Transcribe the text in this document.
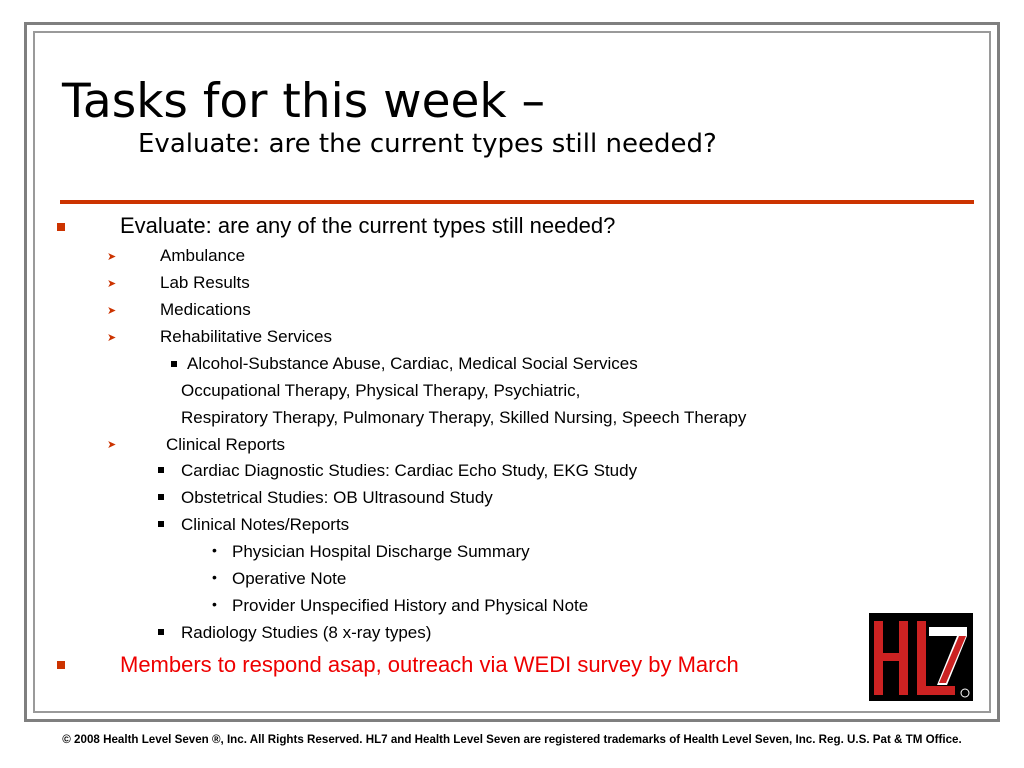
Tasks for this week –
Evaluate: are the current types still needed?
Evaluate: are any of the current types still needed?
➤	Ambulance
➤	Lab Results
➤	Medications
➤	Rehabilitative Services
Alcohol-Substance Abuse, Cardiac, Medical Social Services
Occupational Therapy, Physical Therapy, Psychiatric,
Respiratory Therapy, Pulmonary Therapy, Skilled Nursing, Speech Therapy
➤	Clinical Reports
Cardiac Diagnostic Studies: Cardiac Echo Study, EKG Study
Obstetrical Studies: OB Ultrasound Study
Clinical Notes/Reports
• Physician Hospital Discharge Summary
• Operative Note
• Provider Unspecified History and Physical Note
Radiology Studies (8 x-ray types)
Members to respond asap, outreach via WEDI survey by March
© 2008 Health Level Seven ®, Inc. All Rights Reserved. HL7 and Health Level Seven are registered trademarks of Health Level Seven, Inc. Reg. U.S. Pat & TM Office.
